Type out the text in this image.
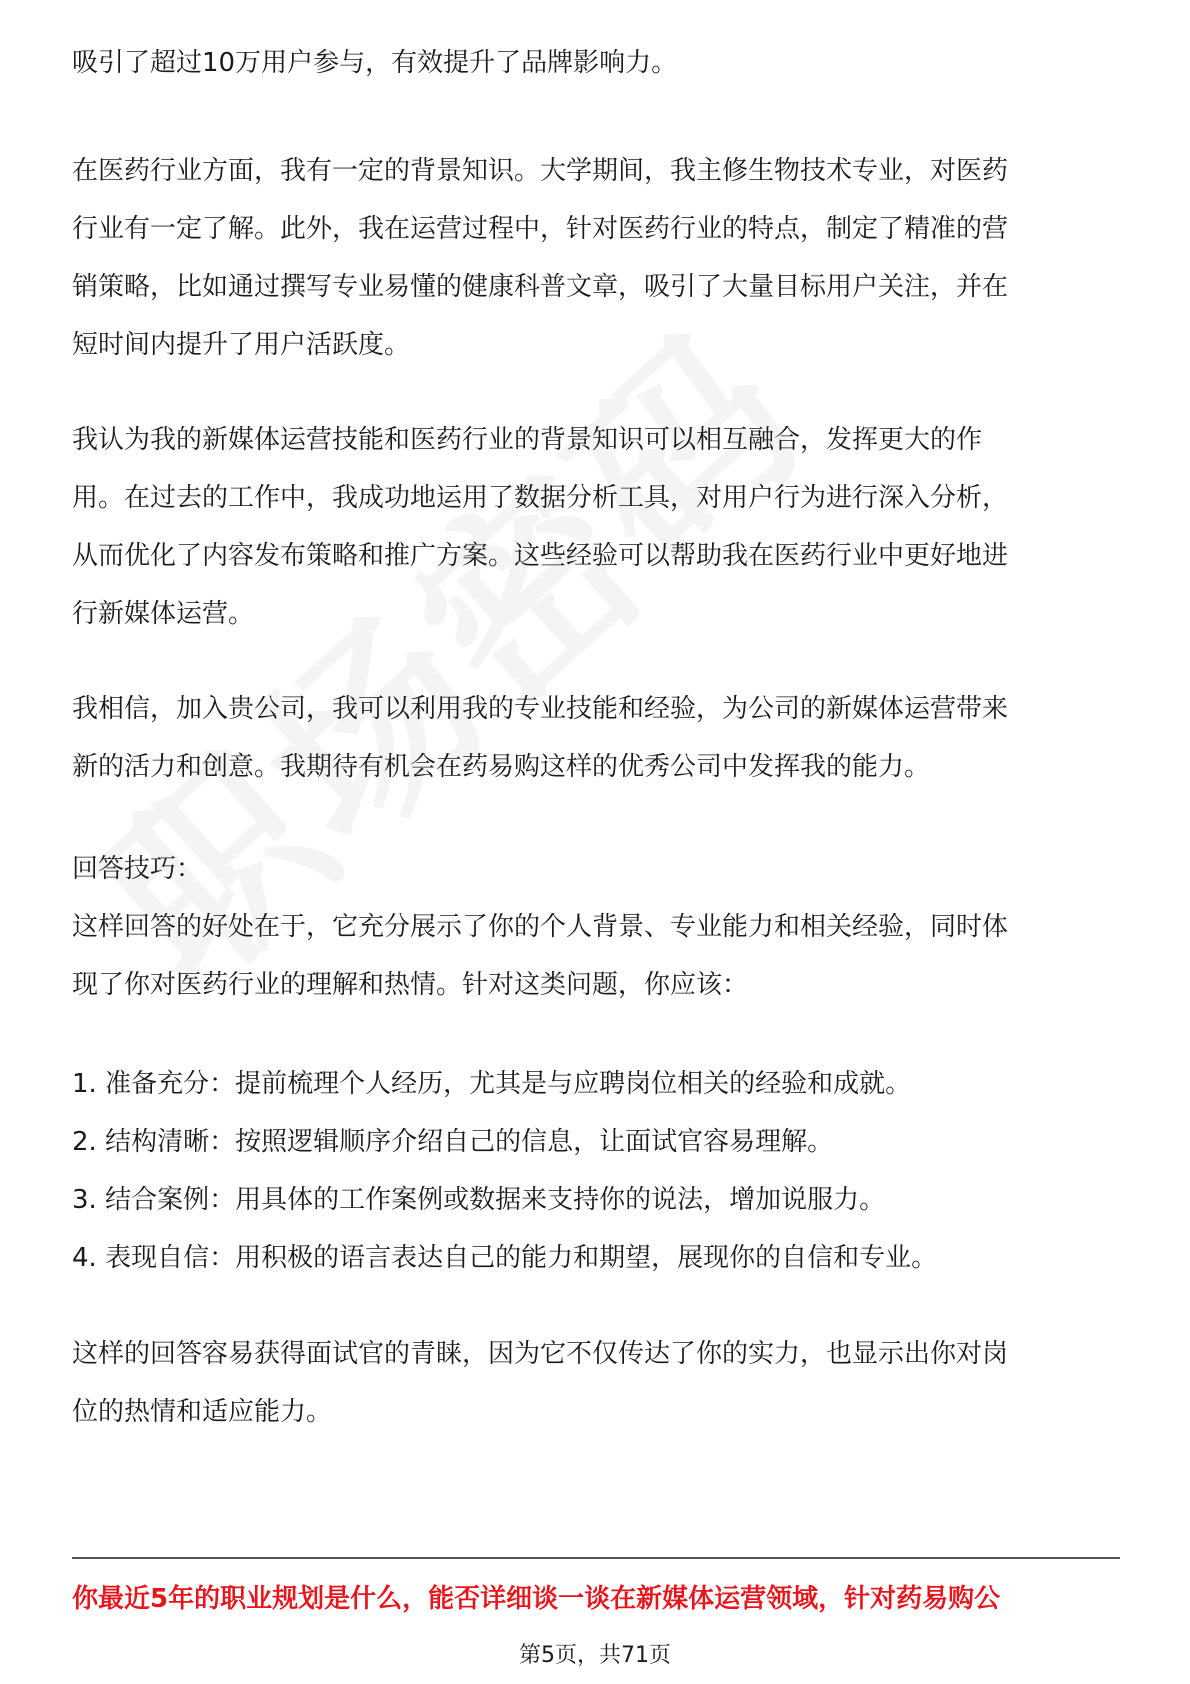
吸引了超过10万用户参与，有效提升了品牌影响力。

在医药行业方面，我有一定的背景知识。大学期间，我主修生物技术专业，对医药
行业有一定了解。此外，我在运营过程中，针对医药行业的特点，制定了精准的营
销策略，比如通过撰写专业易懂的健康科普文章，吸引了大量目标用户关注，并在
短时间内提升了用户活跃度。

我认为我的新媒体运营技能和医药行业的背景知识可以相互融合，发挥更大的作
用。在过去的工作中，我成功地运用了数据分析工具，对用户行为进行深入分析，
从而优化了内容发布策略和推广方案。这些经验可以帮助我在医药行业中更好地进
行新媒体运营。

我相信，加入贵公司，我可以利用我的专业技能和经验，为公司的新媒体运营带来
新的活力和创意。我期待有机会在药易购这样的优秀公司中发挥我的能力。

回答技巧：
这样回答的好处在于，它充分展示了你的个人背景、专业能力和相关经验，同时体
现了你对医药行业的理解和热情。针对这类问题，你应该：

1. 准备充分：提前梳理个人经历，尤其是与应聘岗位相关的经验和成就。
2. 结构清晰：按照逻辑顺序介绍自己的信息，让面试官容易理解。
3. 结合案例：用具体的工作案例或数据来支持你的说法，增加说服力。
4. 表现自信：用积极的语言表达自己的能力和期望，展现你的自信和专业。

这样的回答容易获得面试官的青睐，因为它不仅传达了你的实力，也显示出你对岗
位的热情和适应能力。

你最近5年的职业规划是什么，能否详细谈一谈在新媒体运营领域，针对药易购公
第5页，共71页
